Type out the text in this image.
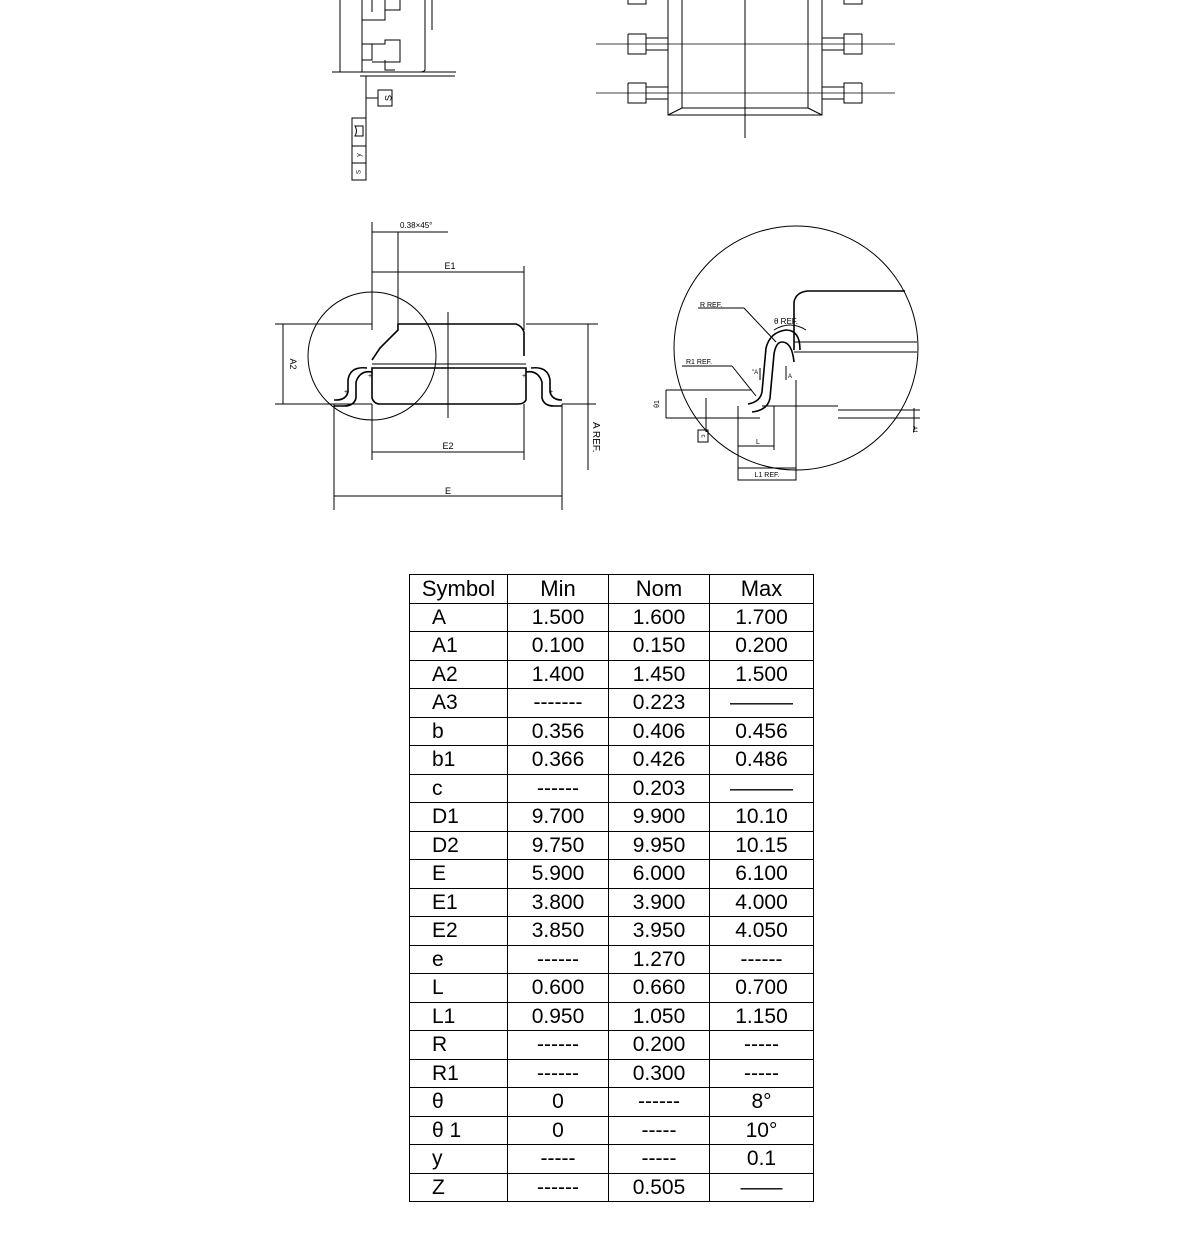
S
y
S
0.38×45°
E1
+
+	+
+
A2
A REF.
E2
E
c
θ1
R REF.
R1 REF.
θ REF.
"A
A
L
L1 REF.
A1
Symbol	Min	Nom	Max
A	1.500	1.600	1.700
A1	0.100	0.150	0.200
A2	1.400	1.450	1.500
A3	-------	0.223	———
b	0.356	0.406	0.456
b1	0.366	0.426	0.486
c	------	0.203	———
D1	9.700	9.900	10.10
D2	9.750	9.950	10.15
E	5.900	6.000	6.100
E1	3.800	3.900	4.000
E2	3.850	3.950	4.050
e	------	1.270	------
L	0.600	0.660	0.700
L1	0.950	1.050	1.150
R	------	0.200	-----
R1	------	0.300	-----
θ	0	------	8°
θ 1	0	-----	10°
y	-----	-----	0.1
Z	------	0.505	——
